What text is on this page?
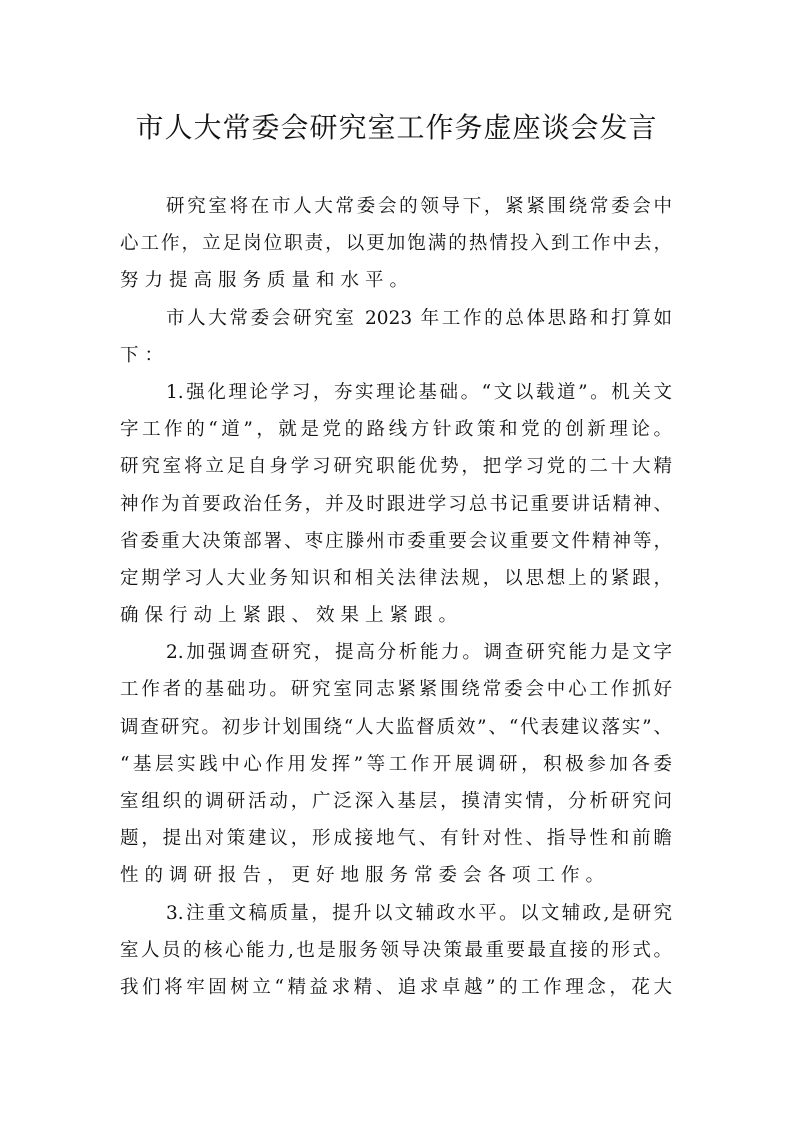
市人大常委会研究室工作务虚座谈会发言
研究室将在市人大常委会的领导下，紧紧围绕常委会中
心工作，立足岗位职责，以更加饱满的热情投入到工作中去，
努力提高服务质量和水平。
市人大常委会研究室 2023 年工作的总体思路和打算如
下：
1.强化理论学习，夯实理论基础。“文以载道”。机关文
字工作的“道”，就是党的路线方针政策和党的创新理论。
研究室将立足自身学习研究职能优势，把学习党的二十大精
神作为首要政治任务，并及时跟进学习总书记重要讲话精神、
省委重大决策部署、枣庄滕州市委重要会议重要文件精神等，
定期学习人大业务知识和相关法律法规，以思想上的紧跟，
确保行动上紧跟、效果上紧跟。
2.加强调查研究，提高分析能力。调查研究能力是文字
工作者的基础功。研究室同志紧紧围绕常委会中心工作抓好
调查研究。初步计划围绕“人大监督质效”、“代表建议落实”、
“基层实践中心作用发挥”等工作开展调研，积极参加各委
室组织的调研活动，广泛深入基层，摸清实情，分析研究问
题，提出对策建议，形成接地气、有针对性、指导性和前瞻
性的调研报告，更好地服务常委会各项工作。
3.注重文稿质量，提升以文辅政水平。以文辅政,是研究
室人员的核心能力,也是服务领导决策最重要最直接的形式。
我们将牢固树立“精益求精、追求卓越”的工作理念，花大
